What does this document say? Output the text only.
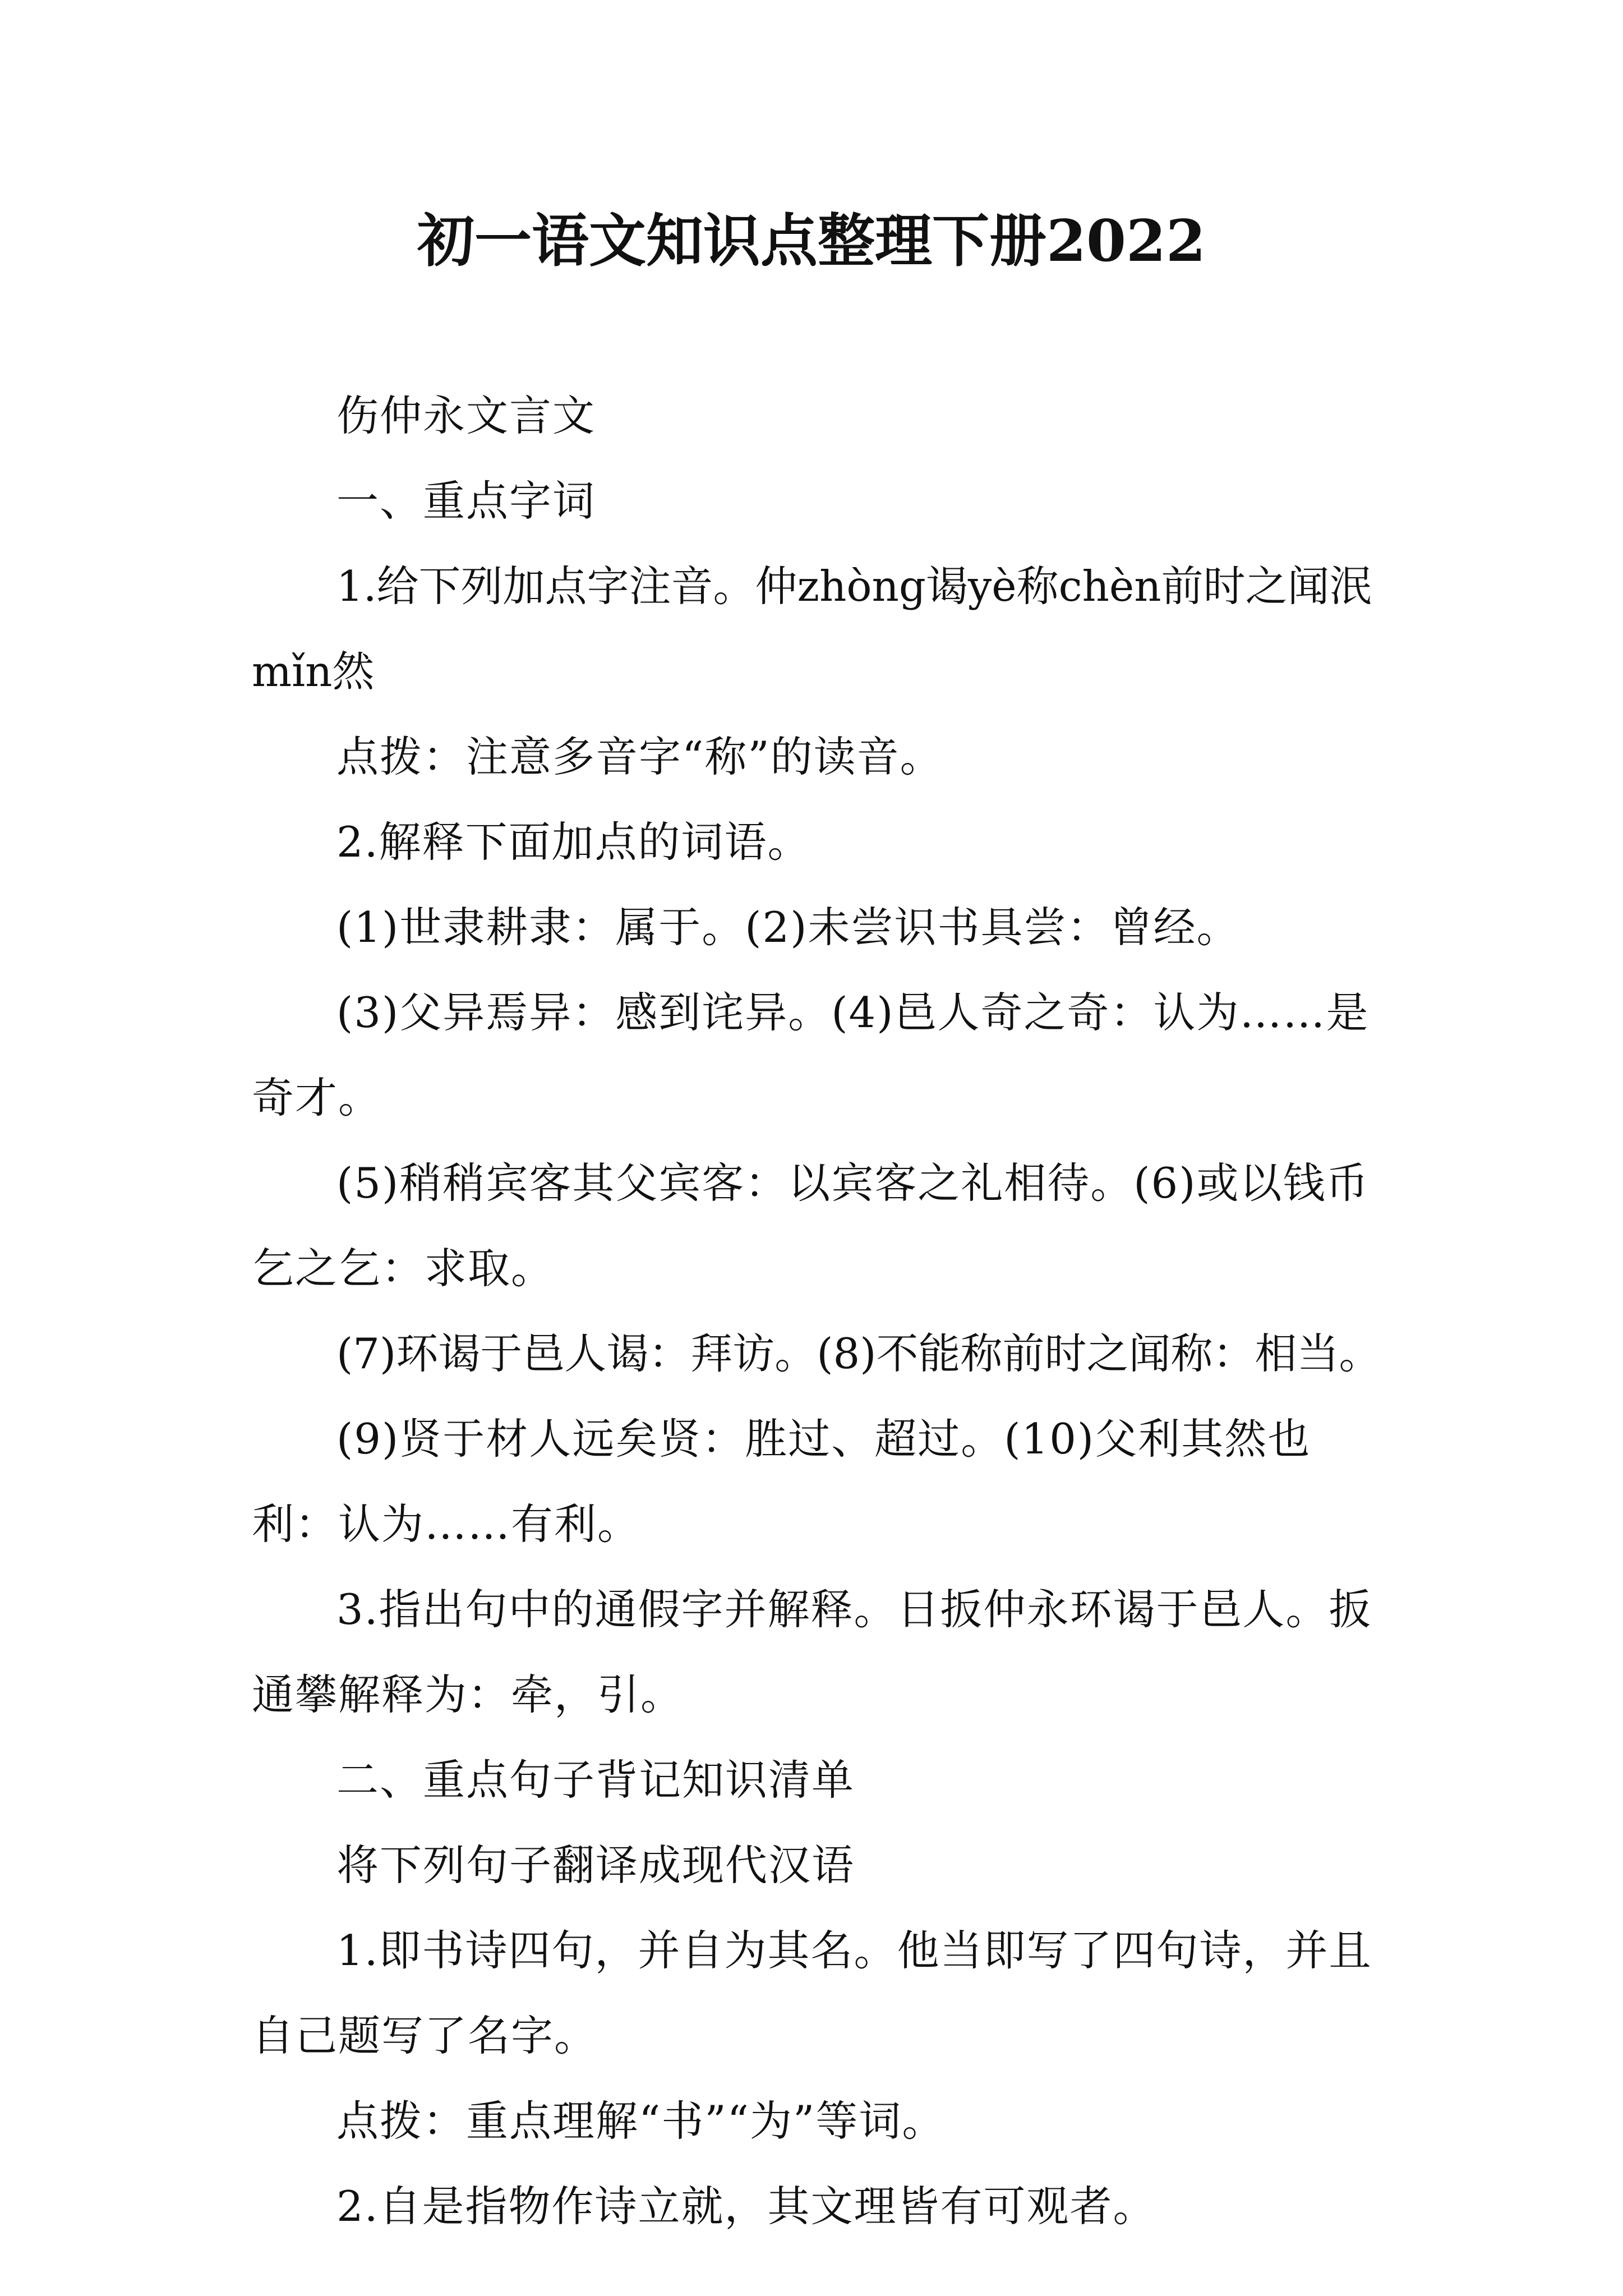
初一语文知识点整理下册2022

伤仲永文言文

一、重点字词

1.给下列加点字注音。仲zhòng谒yè称chèn前时之闻泯mǐn然

点拨：注意多音字“称”的读音。

2.解释下面加点的词语。

(1)世隶耕隶：属于。(2)未尝识书具尝：曾经。

(3)父异焉异：感到诧异。(4)邑人奇之奇：认为……是奇才。

(5)稍稍宾客其父宾客：以宾客之礼相待。(6)或以钱币乞之乞：求取。

(7)环谒于邑人谒：拜访。(8)不能称前时之闻称：相当。

(9)贤于材人远矣贤：胜过、超过。(10)父利其然也利：认为……有利。

3.指出句中的通假字并解释。日扳仲永环谒于邑人。扳通攀解释为：牵，引。

二、重点句子背记知识清单

将下列句子翻译成现代汉语

1.即书诗四句，并自为其名。他当即写了四句诗，并且自己题写了名字。

点拨：重点理解“书”“为”等词。

2.自是指物作诗立就，其文理皆有可观者。
